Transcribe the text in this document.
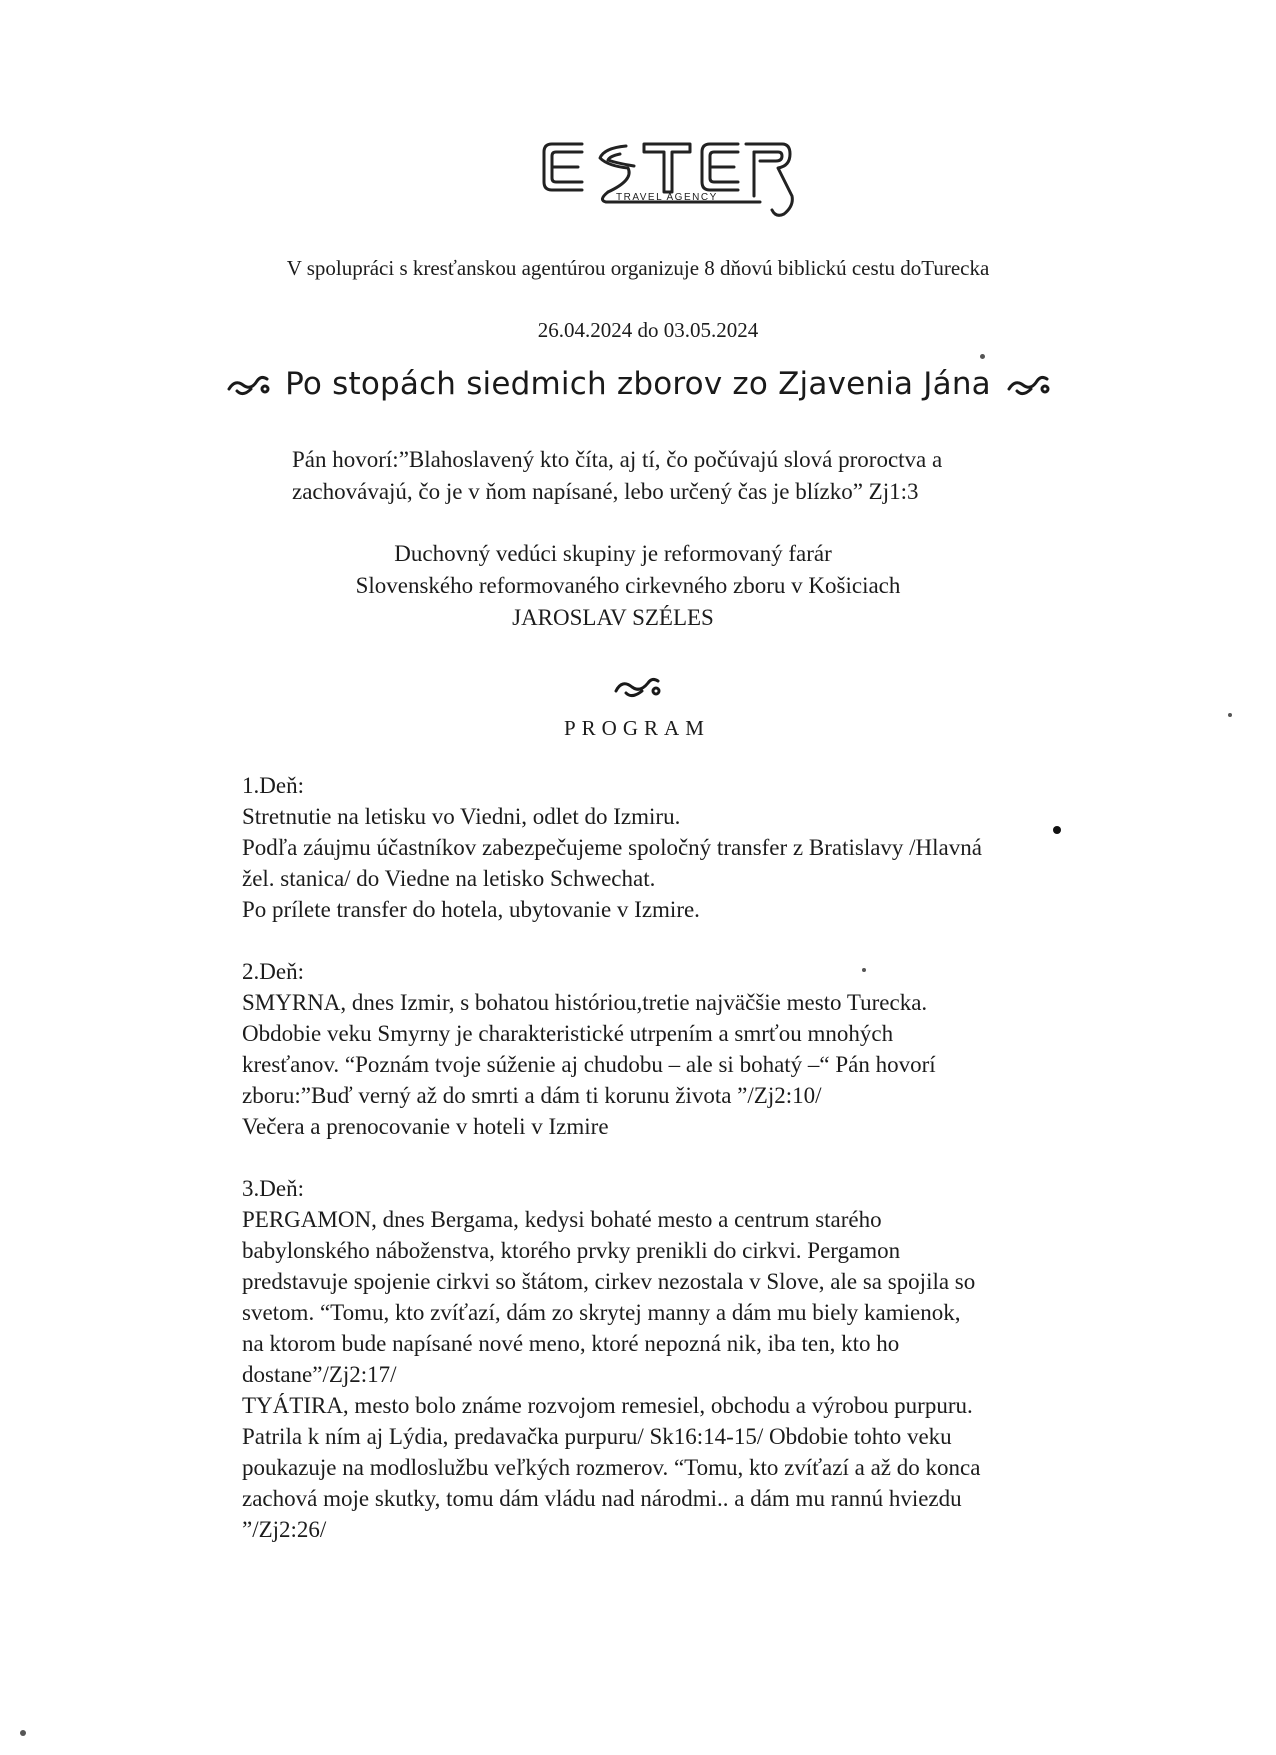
TRAVEL AGENCY
V spolupráci s kresťanskou agentúrou organizuje 8 dňovú biblickú cestu doTurecka
26.04.2024 do 03.05.2024
Po stopách siedmich zborov zo Zjavenia Jána
Pán hovorí:”Blahoslavený kto číta, aj tí, čo počúvajú slová proroctva a
zachovávajú, čo je v ňom napísané, lebo určený čas je blízko” Zj1:3
Duchovný vedúci skupiny je reformovaný farár
Slovenského reformovaného cirkevného zboru v Košiciach
JAROSLAV SZÉLES
PROGRAM
1.Deň:
Stretnutie na letisku vo Viedni, odlet do Izmiru.
Podľa záujmu účastníkov zabezpečujeme spoločný transfer z Bratislavy /Hlavná
žel. stanica/ do Viedne na letisko Schwechat.
Po prílete transfer do hotela, ubytovanie v Izmire.
2.Deň:
SMYRNA, dnes Izmir, s bohatou históriou,tretie najväčšie mesto Turecka.
Obdobie veku Smyrny je charakteristické utrpením a smrťou mnohých
kresťanov. “Poznám tvoje súženie aj chudobu – ale si bohatý –“ Pán hovorí
zboru:”Buď verný až do smrti a dám ti korunu života ”/Zj2:10/
Večera a prenocovanie v hoteli v Izmire
3.Deň:
PERGAMON, dnes Bergama, kedysi bohaté mesto a centrum starého
babylonského náboženstva, ktorého prvky prenikli do cirkvi. Pergamon
predstavuje spojenie cirkvi so štátom, cirkev nezostala v Slove, ale sa spojila so
svetom. “Tomu, kto zvíťazí, dám zo skrytej manny a dám mu biely kamienok,
na ktorom bude napísané nové meno, ktoré nepozná nik, iba ten, kto ho
dostane”/Zj2:17/
TYÁTIRA, mesto bolo známe rozvojom remesiel, obchodu a výrobou purpuru.
Patrila k ním aj Lýdia, predavačka purpuru/ Sk16:14-15/ Obdobie tohto veku
poukazuje na modloslužbu veľkých rozmerov. “Tomu, kto zvíťazí a až do konca
zachová moje skutky, tomu dám vládu nad národmi.. a dám mu rannú hviezdu
”/Zj2:26/
